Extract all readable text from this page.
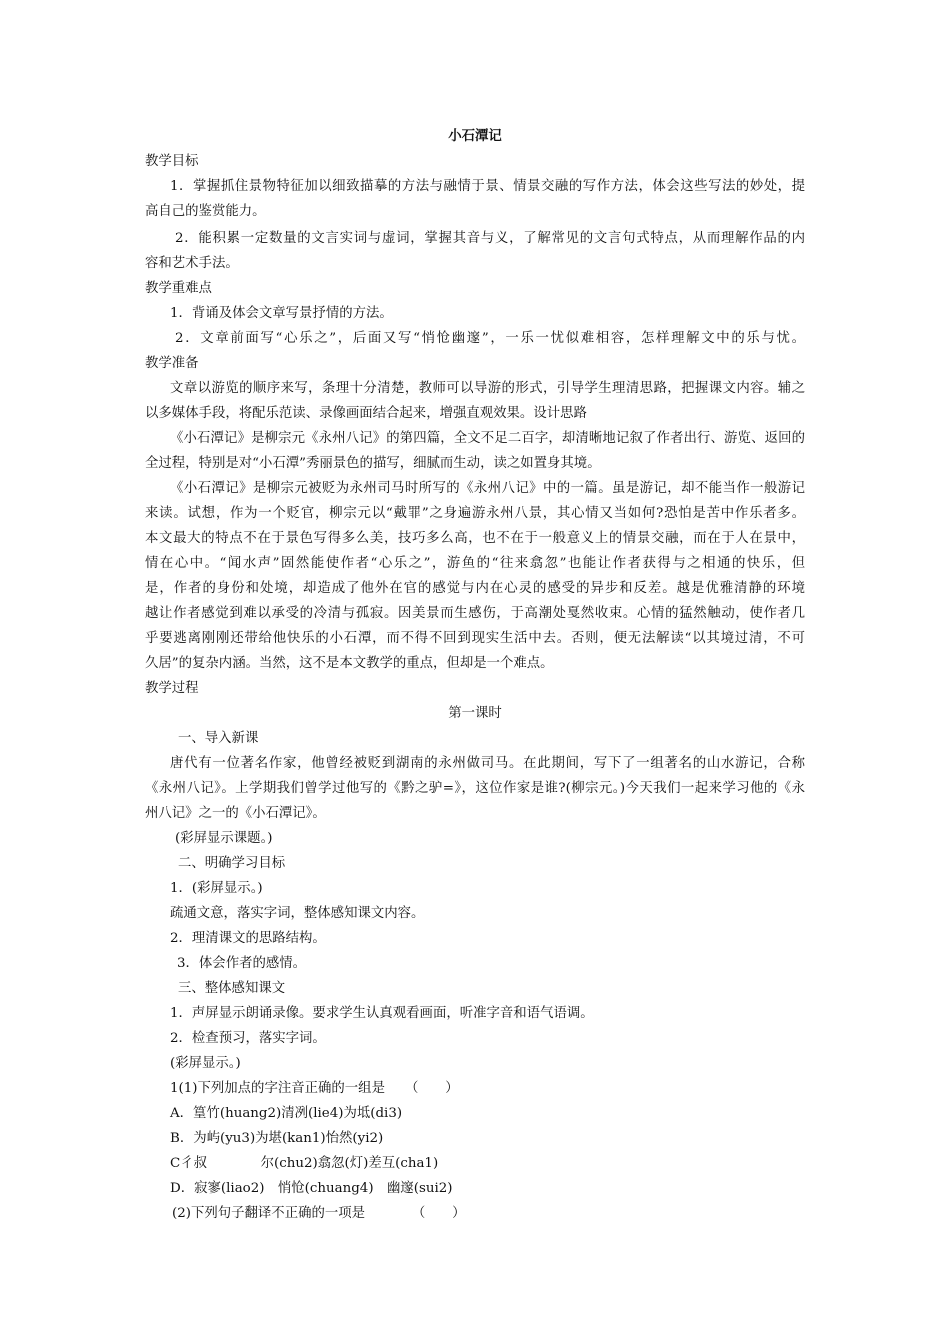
小石潭记
教学目标
1．掌握抓住景物特征加以细致描摹的方法与融情于景、情景交融的写作方法，体会这些写法的妙处，提
高自己的鉴赏能力。
2．能积累一定数量的文言实词与虚词，掌握其音与义，了解常见的文言句式特点，从而理解作品的内
容和艺术手法。
教学重难点
1．背诵及体会文章写景抒情的方法。
2．文章前面写“心乐之”，后面又写“悄怆幽邃”，一乐一忧似难相容，怎样理解文中的乐与忧。
教学准备
文章以游览的顺序来写，条理十分清楚，教师可以导游的形式，引导学生理清思路，把握课文内容。辅之
以多媒体手段，将配乐范读、录像画面结合起来，增强直观效果。设计思路
《小石潭记》是柳宗元《永州八记》的第四篇，全文不足二百字，却清晰地记叙了作者出行、游览、返回的
全过程，特别是对“小石潭”秀丽景色的描写，细腻而生动，读之如置身其境。
《小石潭记》是柳宗元被贬为永州司马时所写的《永州八记》中的一篇。虽是游记，却不能当作一般游记
来读。试想，作为一个贬官，柳宗元以“戴罪”之身遍游永州八景，其心情又当如何?恐怕是苦中作乐者多。
本文最大的特点不在于景色写得多么美，技巧多么高，也不在于一般意义上的情景交融，而在于人在景中，
情在心中。“闻水声”固然能使作者“心乐之”，游鱼的“往来翕忽”也能让作者获得与之相通的快乐，但
是，作者的身份和处境，却造成了他外在官的感觉与内在心灵的感受的异步和反差。越是优雅清静的环境
越让作者感觉到难以承受的冷清与孤寂。因美景而生感伤，于高潮处戛然收束。心情的猛然触动，使作者几
乎要逃离刚刚还带给他快乐的小石潭，而不得不回到现实生活中去。否则，便无法解读“以其境过清，不可
久居”的复杂内涵。当然，这不是本文教学的重点，但却是一个难点。
教学过程
第一课时
一、导入新课
唐代有一位著名作家，他曾经被贬到湖南的永州做司马。在此期间，写下了一组著名的山水游记，合称
《永州八记》。上学期我们曾学过他写的《黔之驴=》，这位作家是谁?(柳宗元。)今天我们一起来学习他的《永
州八记》之一的《小石潭记》。
(彩屏显示课题。)
二、明确学习目标
1．(彩屏显示。)
疏通文意，落实字词，整体感知课文内容。
2．理清课文的思路结构。
3．体会作者的感情。
三、整体感知课文
1．声屏显示朗诵录像。要求学生认真观看画面，听准字音和语气语调。
2．检查预习，落实字词。
(彩屏显示。)
1(1)下列加点的字注音正确的一组是　　（　　）
A．篁竹(huang2)清冽(lie4)为坻(di3)
B．为屿(yu3)为堪(kan1)怡然(yi2)
C彳叔　　　　尔(chu2)翕忽(灯)差互(cha1)
D．寂寥(liao2)　悄怆(chuang4)　幽邃(sui2)
(2)下列句子翻译不正确的一项是　　　　（　　）
